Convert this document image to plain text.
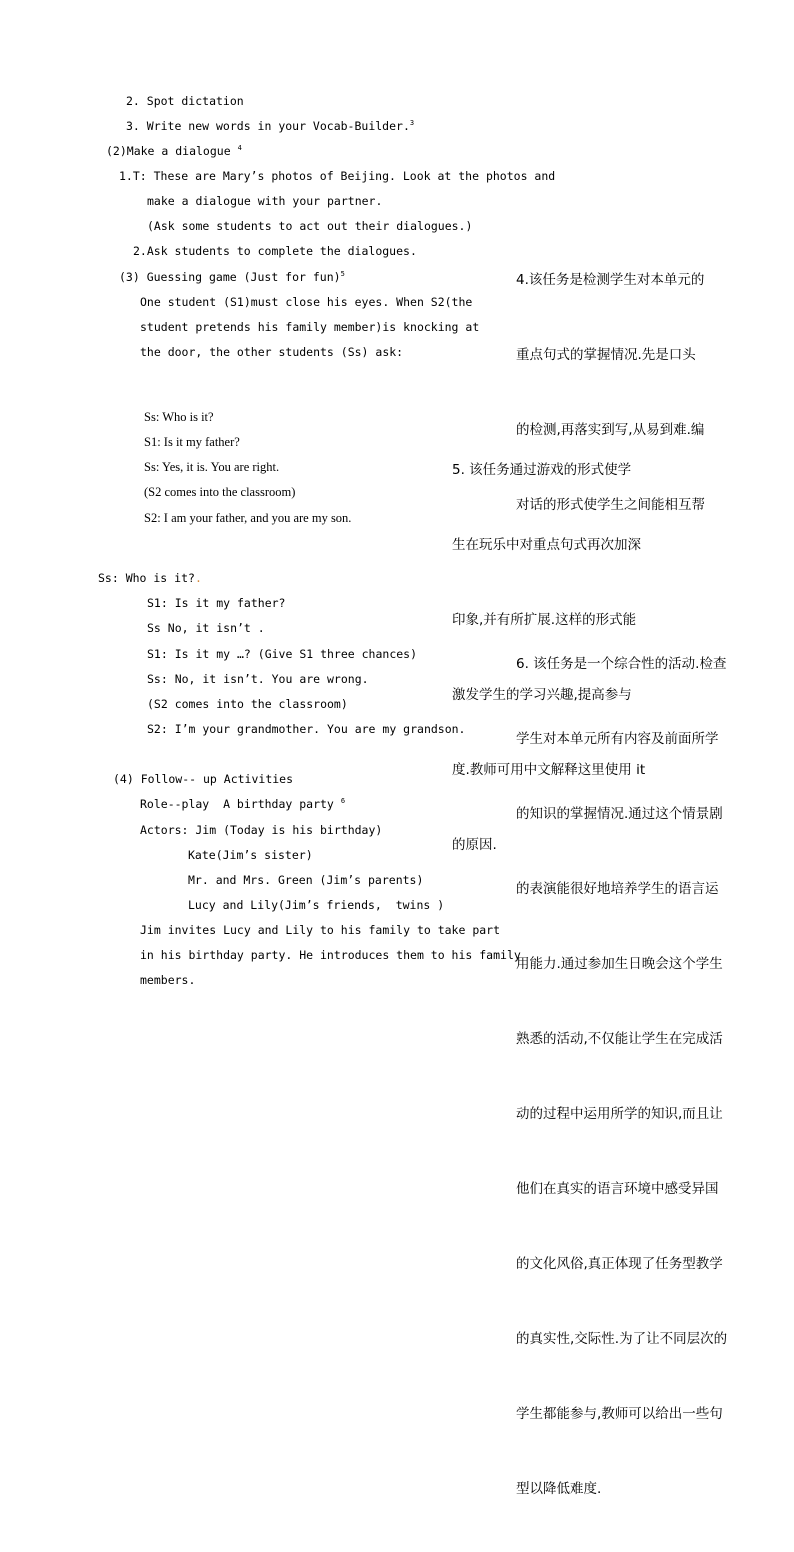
2. Spot dictation
3. Write new words in your Vocab-Builder.$^3$
(2)Make a dialogue $^4$
1.T: These are Mary’s photos of Beijing. Look at the photos and
make a dialogue with your partner.
(Ask some students to act out their dialogues.)
2.Ask students to complete the dialogues.
(3) Guessing game (Just for fun)$^5$
One student (S1)must close his eyes. When S2(the
student pretends his family member)is knocking at
the door, the other students (Ss) ask:
Ss: Who is it?
S1: Is it my father?
Ss: Yes, it is. You are right.
(S2 comes into the classroom)
S2: I am your father, and you are my son.
Ss: Who is it?.
S1: Is it my father?
Ss No, it isn’t .
S1: Is it my …? (Give S1 three chances)
Ss: No, it isn’t. You are wrong.
(S2 comes into the classroom)
S2: I’m your grandmother. You are my grandson.
(4) Follow-- up Activities
Role--play  A birthday party $^6$
Actors: Jim (Today is his birthday)
Kate(Jim’s sister)
Mr. and Mrs. Green (Jim’s parents)
Lucy and Lily(Jim’s friends,  twins )
Jim invites Lucy and Lily to his family to take part
in his birthday party. He introduces them to his family
members.

4.该任务是检测学生对本单元的

重点句式的掌握情况.先是口头

的检测,再落实到写,从易到难.编

对话的形式使学生之间能相互帮

5. 该任务通过游戏的形式使学

生在玩乐中对重点句式再次加深

印象,并有所扩展.这样的形式能

激发学生的学习兴趣,提高参与

度.教师可用中文解释这里使用 it

的原因.

6. 该任务是一个综合性的活动.检查

学生对本单元所有内容及前面所学

的知识的掌握情况.通过这个情景剧

的表演能很好地培养学生的语言运

用能力.通过参加生日晚会这个学生

熟悉的活动,不仅能让学生在完成活

动的过程中运用所学的知识,而且让

他们在真实的语言环境中感受异国

的文化风俗,真正体现了任务型教学

的真实性,交际性.为了让不同层次的

学生都能参与,教师可以给出一些句

型以降低难度.
